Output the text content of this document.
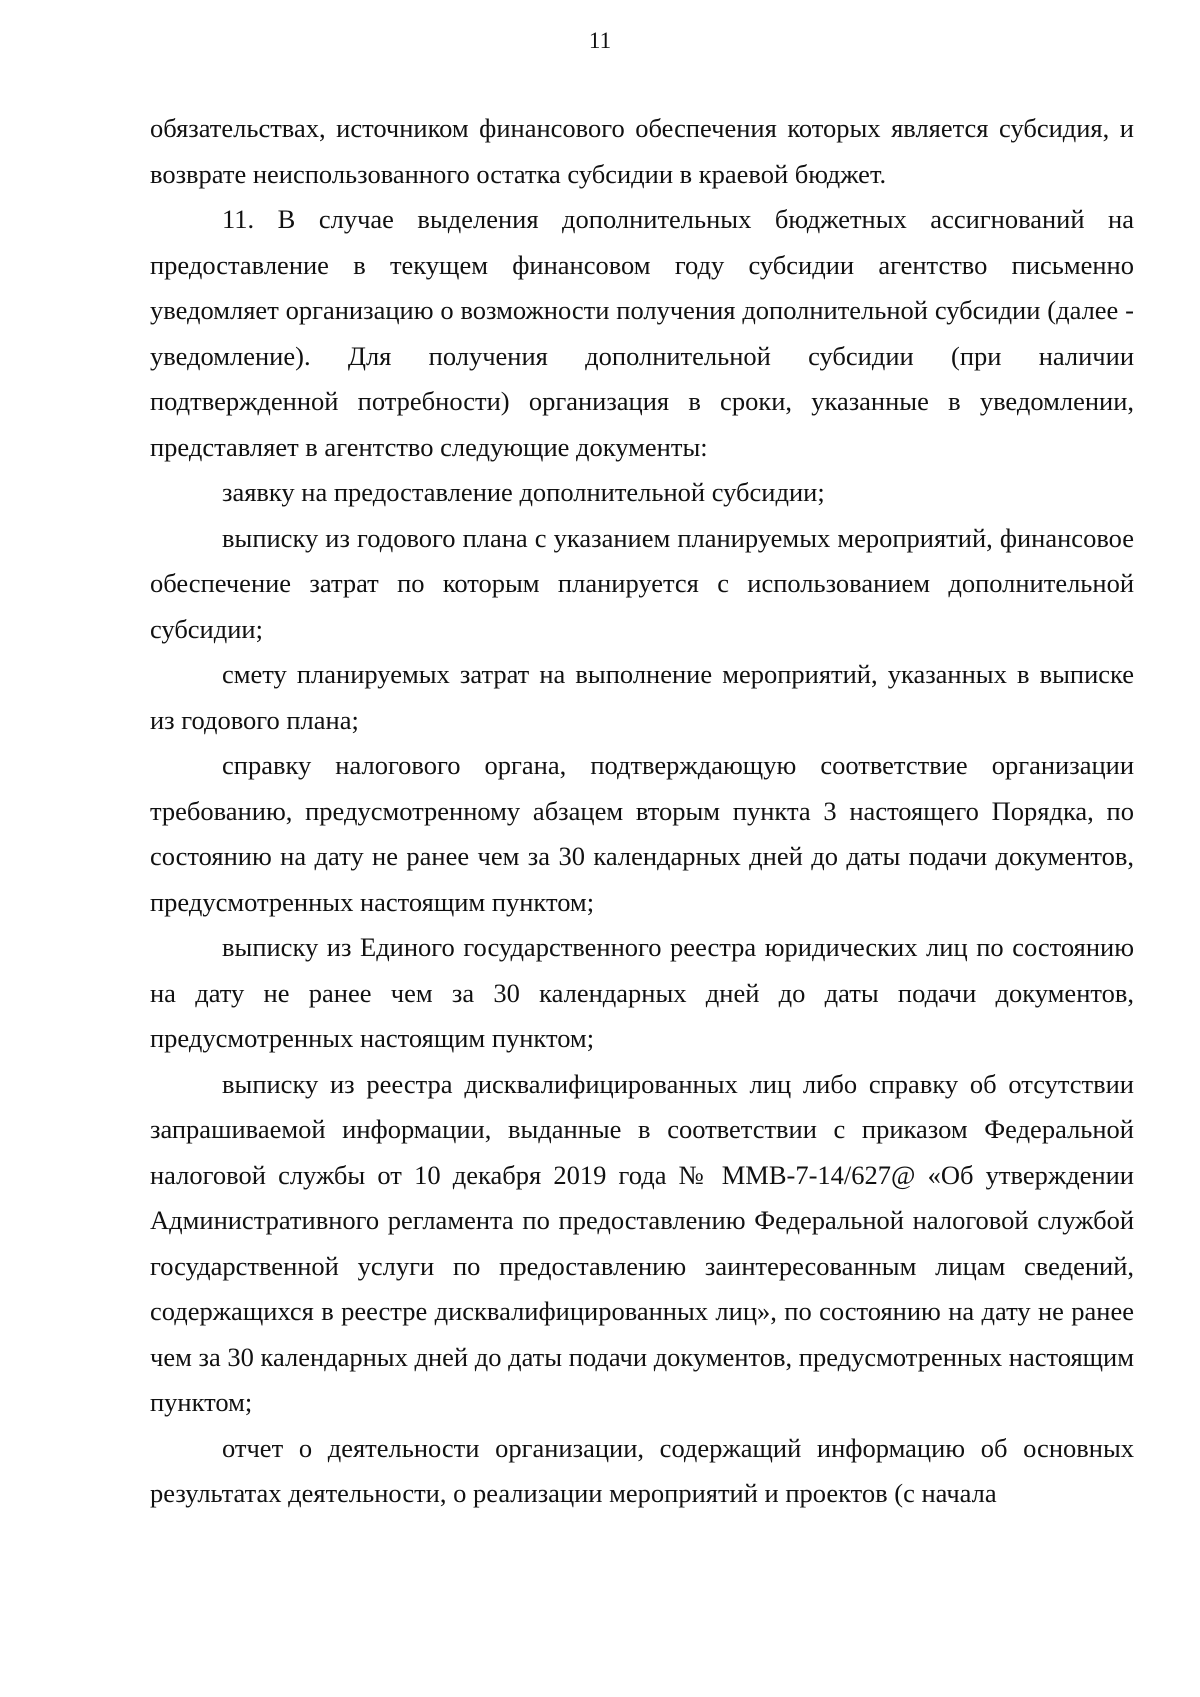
11

обязательствах, источником финансового обеспечения которых является субсидия, и возврате неиспользованного остатка субсидии в краевой бюджет.

11. В случае выделения дополнительных бюджетных ассигнований на предоставление в текущем финансовом году субсидии агентство письменно уведомляет организацию о возможности получения дополнительной субсидии (далее - уведомление). Для получения дополнительной субсидии (при наличии подтвержденной потребности) организация в сроки, указанные в уведомлении, представляет в агентство следующие документы:

заявку на предоставление дополнительной субсидии;

выписку из годового плана с указанием планируемых мероприятий, финансовое обеспечение затрат по которым планируется с использованием дополнительной субсидии;

смету планируемых затрат на выполнение мероприятий, указанных в выписке из годового плана;

справку налогового органа, подтверждающую соответствие организации требованию, предусмотренному абзацем вторым пункта 3 настоящего Порядка, по состоянию на дату не ранее чем за 30 календарных дней до даты подачи документов, предусмотренных настоящим пунктом;

выписку из Единого государственного реестра юридических лиц по состоянию на дату не ранее чем за 30 календарных дней до даты подачи документов, предусмотренных настоящим пунктом;

выписку из реестра дисквалифицированных лиц либо справку об отсутствии запрашиваемой информации, выданные в соответствии с приказом Федеральной налоговой службы от 10 декабря 2019 года № ММВ-7-14/627@ «Об утверждении Административного регламента по предоставлению Федеральной налоговой службой государственной услуги по предоставлению заинтересованным лицам сведений, содержащихся в реестре дисквалифицированных лиц», по состоянию на дату не ранее чем за 30 календарных дней до даты подачи документов, предусмотренных настоящим пунктом;

отчет о деятельности организации, содержащий информацию об основных результатах деятельности, о реализации мероприятий и проектов (с начала
